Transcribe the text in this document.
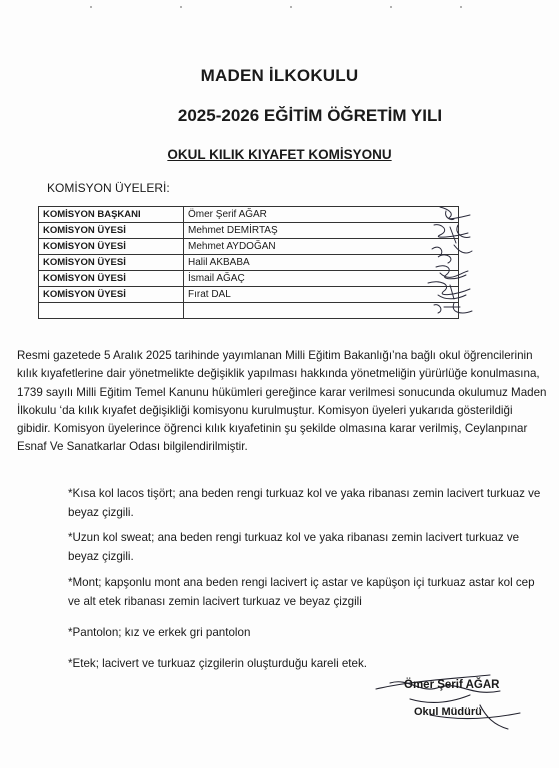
MADEN İLKOKULU
2025-2026 EĞİTİM ÖĞRETİM YILI
OKUL KILIK KIYAFET KOMİSYONU
KOMİSYON ÜYELERİ:
KOMİSYON BAŞKANI	Ömer Şerif AĞAR
KOMİSYON ÜYESİ	Mehmet DEMİRTAŞ
KOMİSYON ÜYESİ	Mehmet AYDOĞAN
KOMİSYON ÜYESİ	Halil AKBABA
KOMİSYON ÜYESİ	İsmail AĞAÇ
KOMİSYON ÜYESİ	Fırat DAL

Resmi gazetede 5 Aralık 2025 tarihinde yayımlanan Milli Eğitim Bakanlığı’na bağlı okul öğrencilerinin kılık kıyafetlerine dair yönetmelikte değişiklik yapılması hakkında yönetmeliğin yürürlüğe konulmasına, 1739 sayılı Milli Eğitim Temel Kanunu hükümleri gereğince karar verilmesi sonucunda okulumuz Maden İlkokulu ‘da kılık kıyafet değişikliği komisyonu kurulmuştur. Komisyon üyeleri yukarıda gösterildiği gibidir. Komisyon üyelerince öğrenci kılık kıyafetinin şu şekilde olmasına karar verilmiş, Ceylanpınar Esnaf Ve Sanatkarlar Odası bilgilendirilmiştir.
*Kısa kol lacos tişört; ana beden rengi turkuaz kol ve yaka ribanası zemin lacivert turkuaz ve beyaz çizgili.
*Uzun kol sweat; ana beden rengi turkuaz kol ve yaka ribanası zemin lacivert turkuaz ve beyaz çizgili.
*Mont; kapşonlu mont ana beden rengi lacivert iç astar ve kapüşon içi turkuaz astar kol cep ve alt etek ribanası zemin lacivert turkuaz ve beyaz çizgili
*Pantolon; kız ve erkek gri pantolon
*Etek; lacivert ve turkuaz çizgilerin oluşturduğu kareli etek.
Ömer Şerif AĞAR
Okul Müdürü
